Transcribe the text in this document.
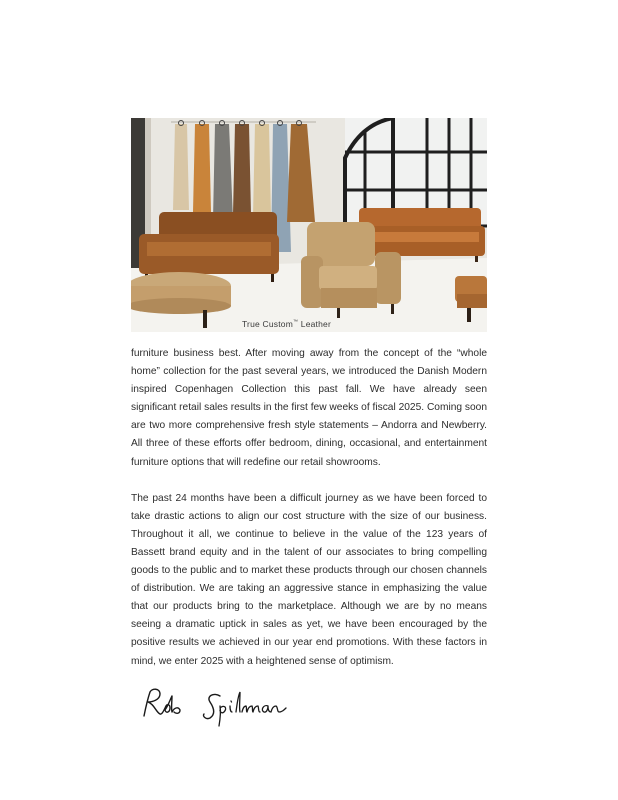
True Custom™ Leather

furniture business best. After moving away from the concept of the “whole home” collection for the past several years, we introduced the Danish Modern inspired Copenhagen Collection this past fall. We have already seen significant retail sales results in the first few weeks of fiscal 2025. Coming soon are two more comprehensive fresh style statements – Andorra and Newberry. All three of these efforts offer bedroom, dining, occasional, and entertainment furniture options that will redefine our retail showrooms.

The past 24 months have been a difficult journey as we have been forced to take drastic actions to align our cost structure with the size of our business. Throughout it all, we continue to believe in the value of the 123 years of Bassett brand equity and in the talent of our associates to bring compelling goods to the public and to market these products through our chosen channels of distribution. We are taking an aggressive stance in emphasizing the value that our products bring to the marketplace. Although we are by no means seeing a dramatic uptick in sales as yet, we have been encouraged by the positive results we achieved in our year end promotions. With these factors in mind, we enter 2025 with a heightened sense of optimism.
